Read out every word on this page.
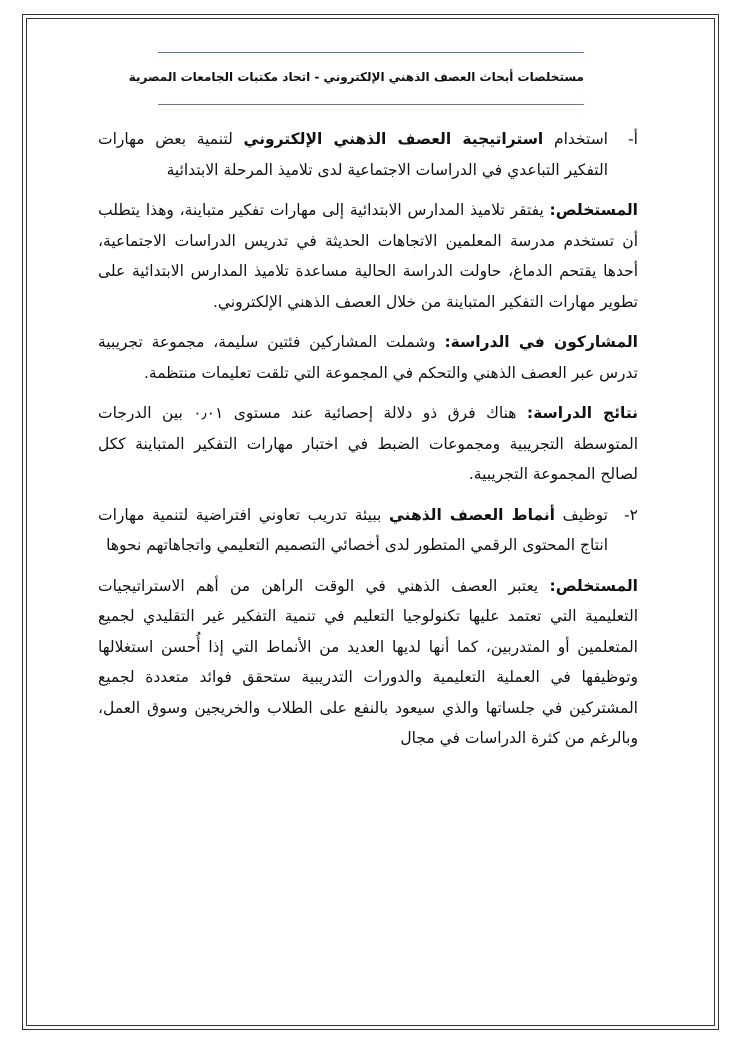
مستخلصات أبحاث العصف الذهني الإلكتروني - اتحاد مكتبات الجامعات المصرية
أ-
استخدام استراتيجية العصف الذهني الإلكتروني لتنمية بعض مهارات التفكير التباعدي في الدراسات الاجتماعية لدى تلاميذ المرحلة الابتدائية

المستخلص: يفتقر تلاميذ المدارس الابتدائية إلى مهارات تفكير متباينة، وهذا يتطلب أن تستخدم مدرسة المعلمين الاتجاهات الحديثة في تدريس الدراسات الاجتماعية، أحدها يقتحم الدماغ، حاولت الدراسة الحالية مساعدة تلاميذ المدارس الابتدائية على تطوير مهارات التفكير المتباينة من خلال العصف الذهني الإلكتروني.

المشاركون في الدراسة: وشملت المشاركين فئتين سليمة، مجموعة تجريبية تدرس عبر العصف الذهني والتحكم في المجموعة التي تلقت تعليمات منتظمة.

نتائج الدراسة: هناك فرق ذو دلالة إحصائية عند مستوى ٠٫٠١ بين الدرجات المتوسطة التجريبية ومجموعات الضبط في اختبار مهارات التفكير المتباينة ككل لصالح المجموعة التجريبية.

٢-
توظيف أنماط العصف الذهني ببيئة تدريب تعاوني افتراضية لتنمية مهارات انتاج المحتوى الرقمي المتطور لدى أخصائي التصميم التعليمي واتجاهاتهم نحوها

المستخلص: يعتبر العصف الذهني في الوقت الراهن من أهم الاستراتيجيات التعليمية التي تعتمد عليها تكنولوجيا التعليم في تنمية التفكير غير التقليدي لجميع المتعلمين أو المتدربين، كما أنها لديها العديد من الأنماط التي إذا أُحسن استغلالها وتوظيفها في العملية التعليمية والدورات التدريبية ستحقق فوائد متعددة لجميع المشتركين في جلساتها والذي سيعود بالنفع على الطلاب والخريجين وسوق العمل، وبالرغم من كثرة الدراسات في مجال
